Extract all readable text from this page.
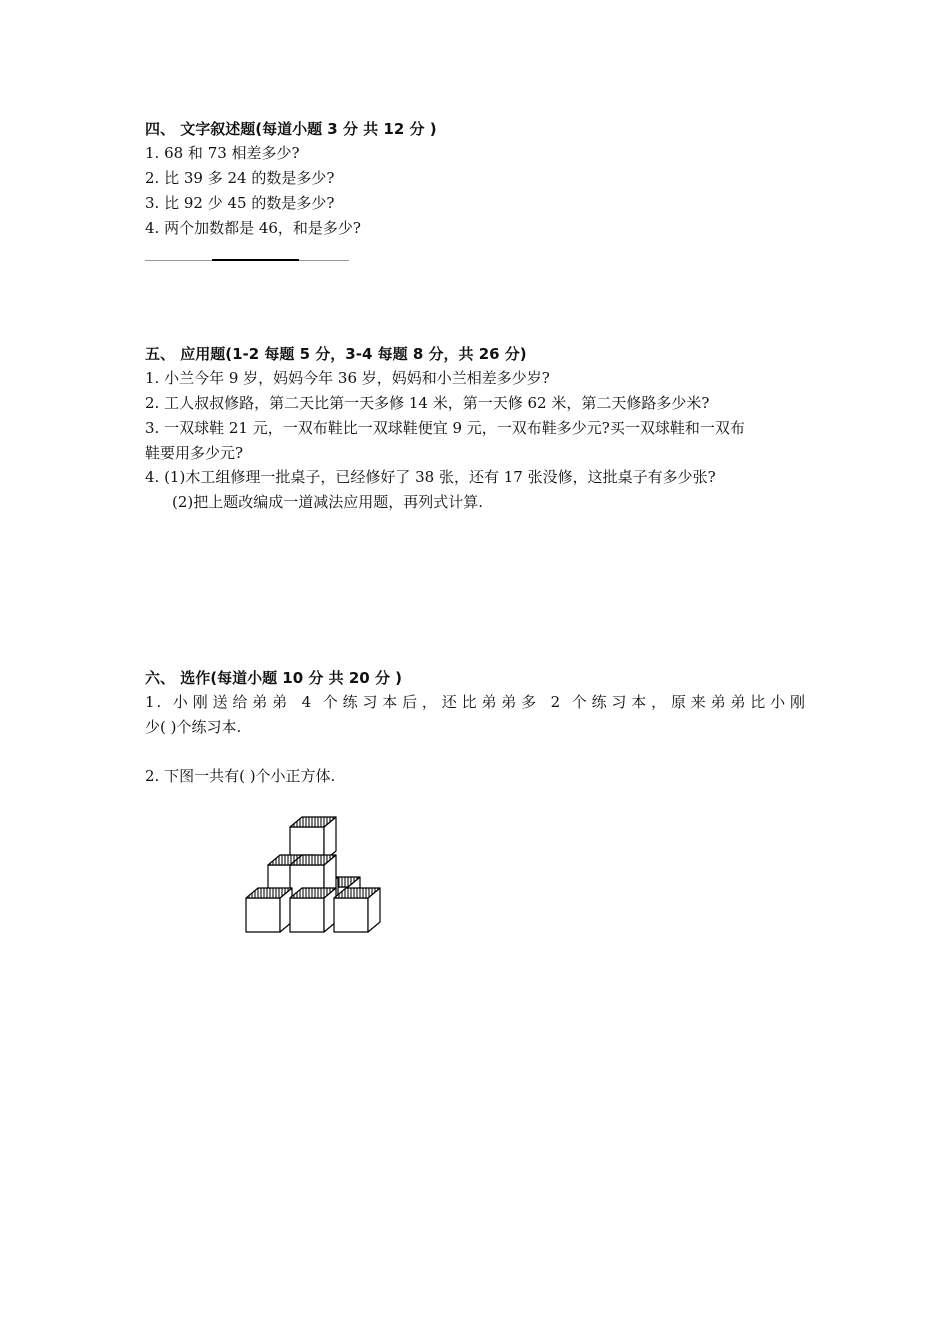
四、 文字叙述题(每道小题 3 分 共 12 分 )
1. 68 和 73 相差多少?
2. 比 39 多 24 的数是多少?
3. 比 92 少 45 的数是多少?
4. 两个加数都是 46，和是多少?
五、 应用题(1-2 每题 5 分，3-4 每题 8 分，共 26 分)
1. 小兰今年 9 岁，妈妈今年 36 岁，妈妈和小兰相差多少岁?
2. 工人叔叔修路，第二天比第一天多修 14 米，第一天修 62 米，第二天修路多少米?
3. 一双球鞋 21 元，一双布鞋比一双球鞋便宜 9 元，一双布鞋多少元?买一双球鞋和一双布
鞋要用多少元?
4. (1)木工组修理一批桌子，已经修好了 38 张，还有 17 张没修，这批桌子有多少张?
(2)把上题改编成一道减法应用题，再列式计算.
六、 选作(每道小题 10 分 共 20 分 )
1. 小刚送给弟弟 4 个练习本后，还比弟弟多 2 个练习本，原来弟弟比小刚
少( )个练习本.
2. 下图一共有( )个小正方体.
